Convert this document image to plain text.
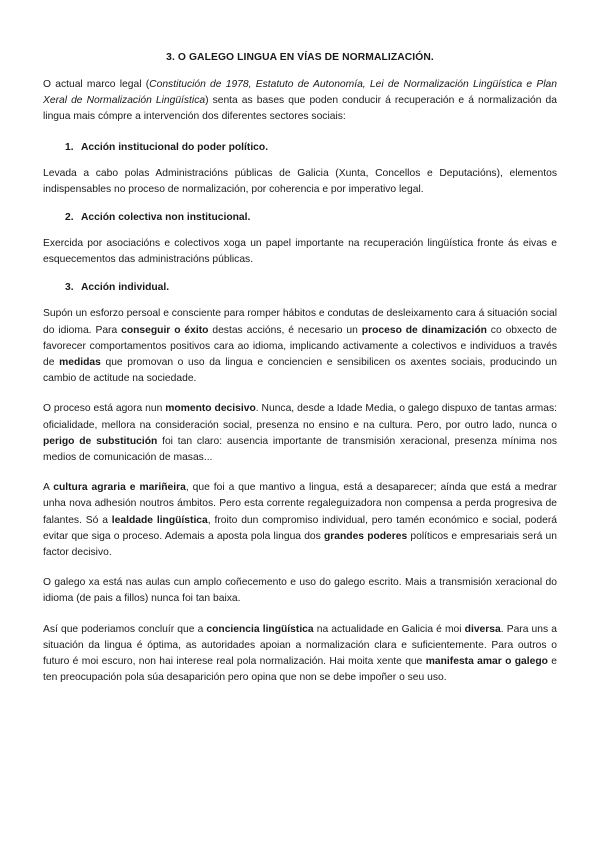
3. O GALEGO LINGUA EN VÍAS DE NORMALIZACIÓN.

O actual marco legal (Constitución de 1978, Estatuto de Autonomía, Lei de Normalización Lingüística e Plan Xeral de Normalización Lingüística) senta as bases que poden conducir á recuperación e á normalización da lingua mais cómpre a intervención dos diferentes sectores sociais:

1. Acción institucional do poder político.

Levada a cabo polas Administracións públicas de Galicia (Xunta, Concellos e Deputacións), elementos indispensables no proceso de normalización, por coherencia e por imperativo legal.

2. Acción colectiva non institucional.

Exercida por asociacións e colectivos xoga un papel importante na recuperación lingüística fronte ás eivas e esquecementos das administracións públicas.

3. Acción individual.

Supón un esforzo persoal e consciente para romper hábitos e condutas de desleixamento cara á situación social do idioma. Para conseguir o éxito destas accións, é necesario un proceso de dinamización co obxecto de favorecer comportamentos positivos cara ao idioma, implicando activamente a colectivos e individuos a través de medidas que promovan o uso da lingua e concienciеn e sensibilicen os axentes sociais, producindo un cambio de actitude na sociedade.

O proceso está agora nun momento decisivo. Nunca, desde a Idade Media, o galego dispuxo de tantas armas: oficialidade, mellora na consideración social, presenza no ensino e na cultura. Pero, por outro lado, nunca o perigo de substitución foi tan claro: ausencia importante de transmisión xeracional, presenza mínima nos medios de comunicación de masas...

A cultura agraria e mariñeira, que foi a que mantivo a lingua, está a desaparecer; aínda que está a medrar unha nova adhesión noutros ámbitos. Pero esta corrente regaleguizadora non compensa a perda progresiva de falantes. Só a lealdade lingüística, froito dun compromiso individual, pero tamén económico e social, poderá evitar que siga o proceso. Ademais a aposta pola lingua dos grandes poderes políticos e empresariais será un factor decisivo.

O galego xa está nas aulas cun amplo coñecemento e uso do galego escrito. Mais a transmisión xeracional do idioma (de pais a fillos) nunca foi tan baixa.

Así que poderiamos concluír que a conciencia lingüística na actualidade en Galicia é moi diversa. Para uns a situación da lingua é óptima, as autoridades apoian a normalización clara e suficientemente. Para outros o futuro é moi escuro, non hai interese real pola normalización. Hai moita xente que manifesta amar o galego e ten preocupación pola súa desaparición pero opina que non se debe impoñer o seu uso.
